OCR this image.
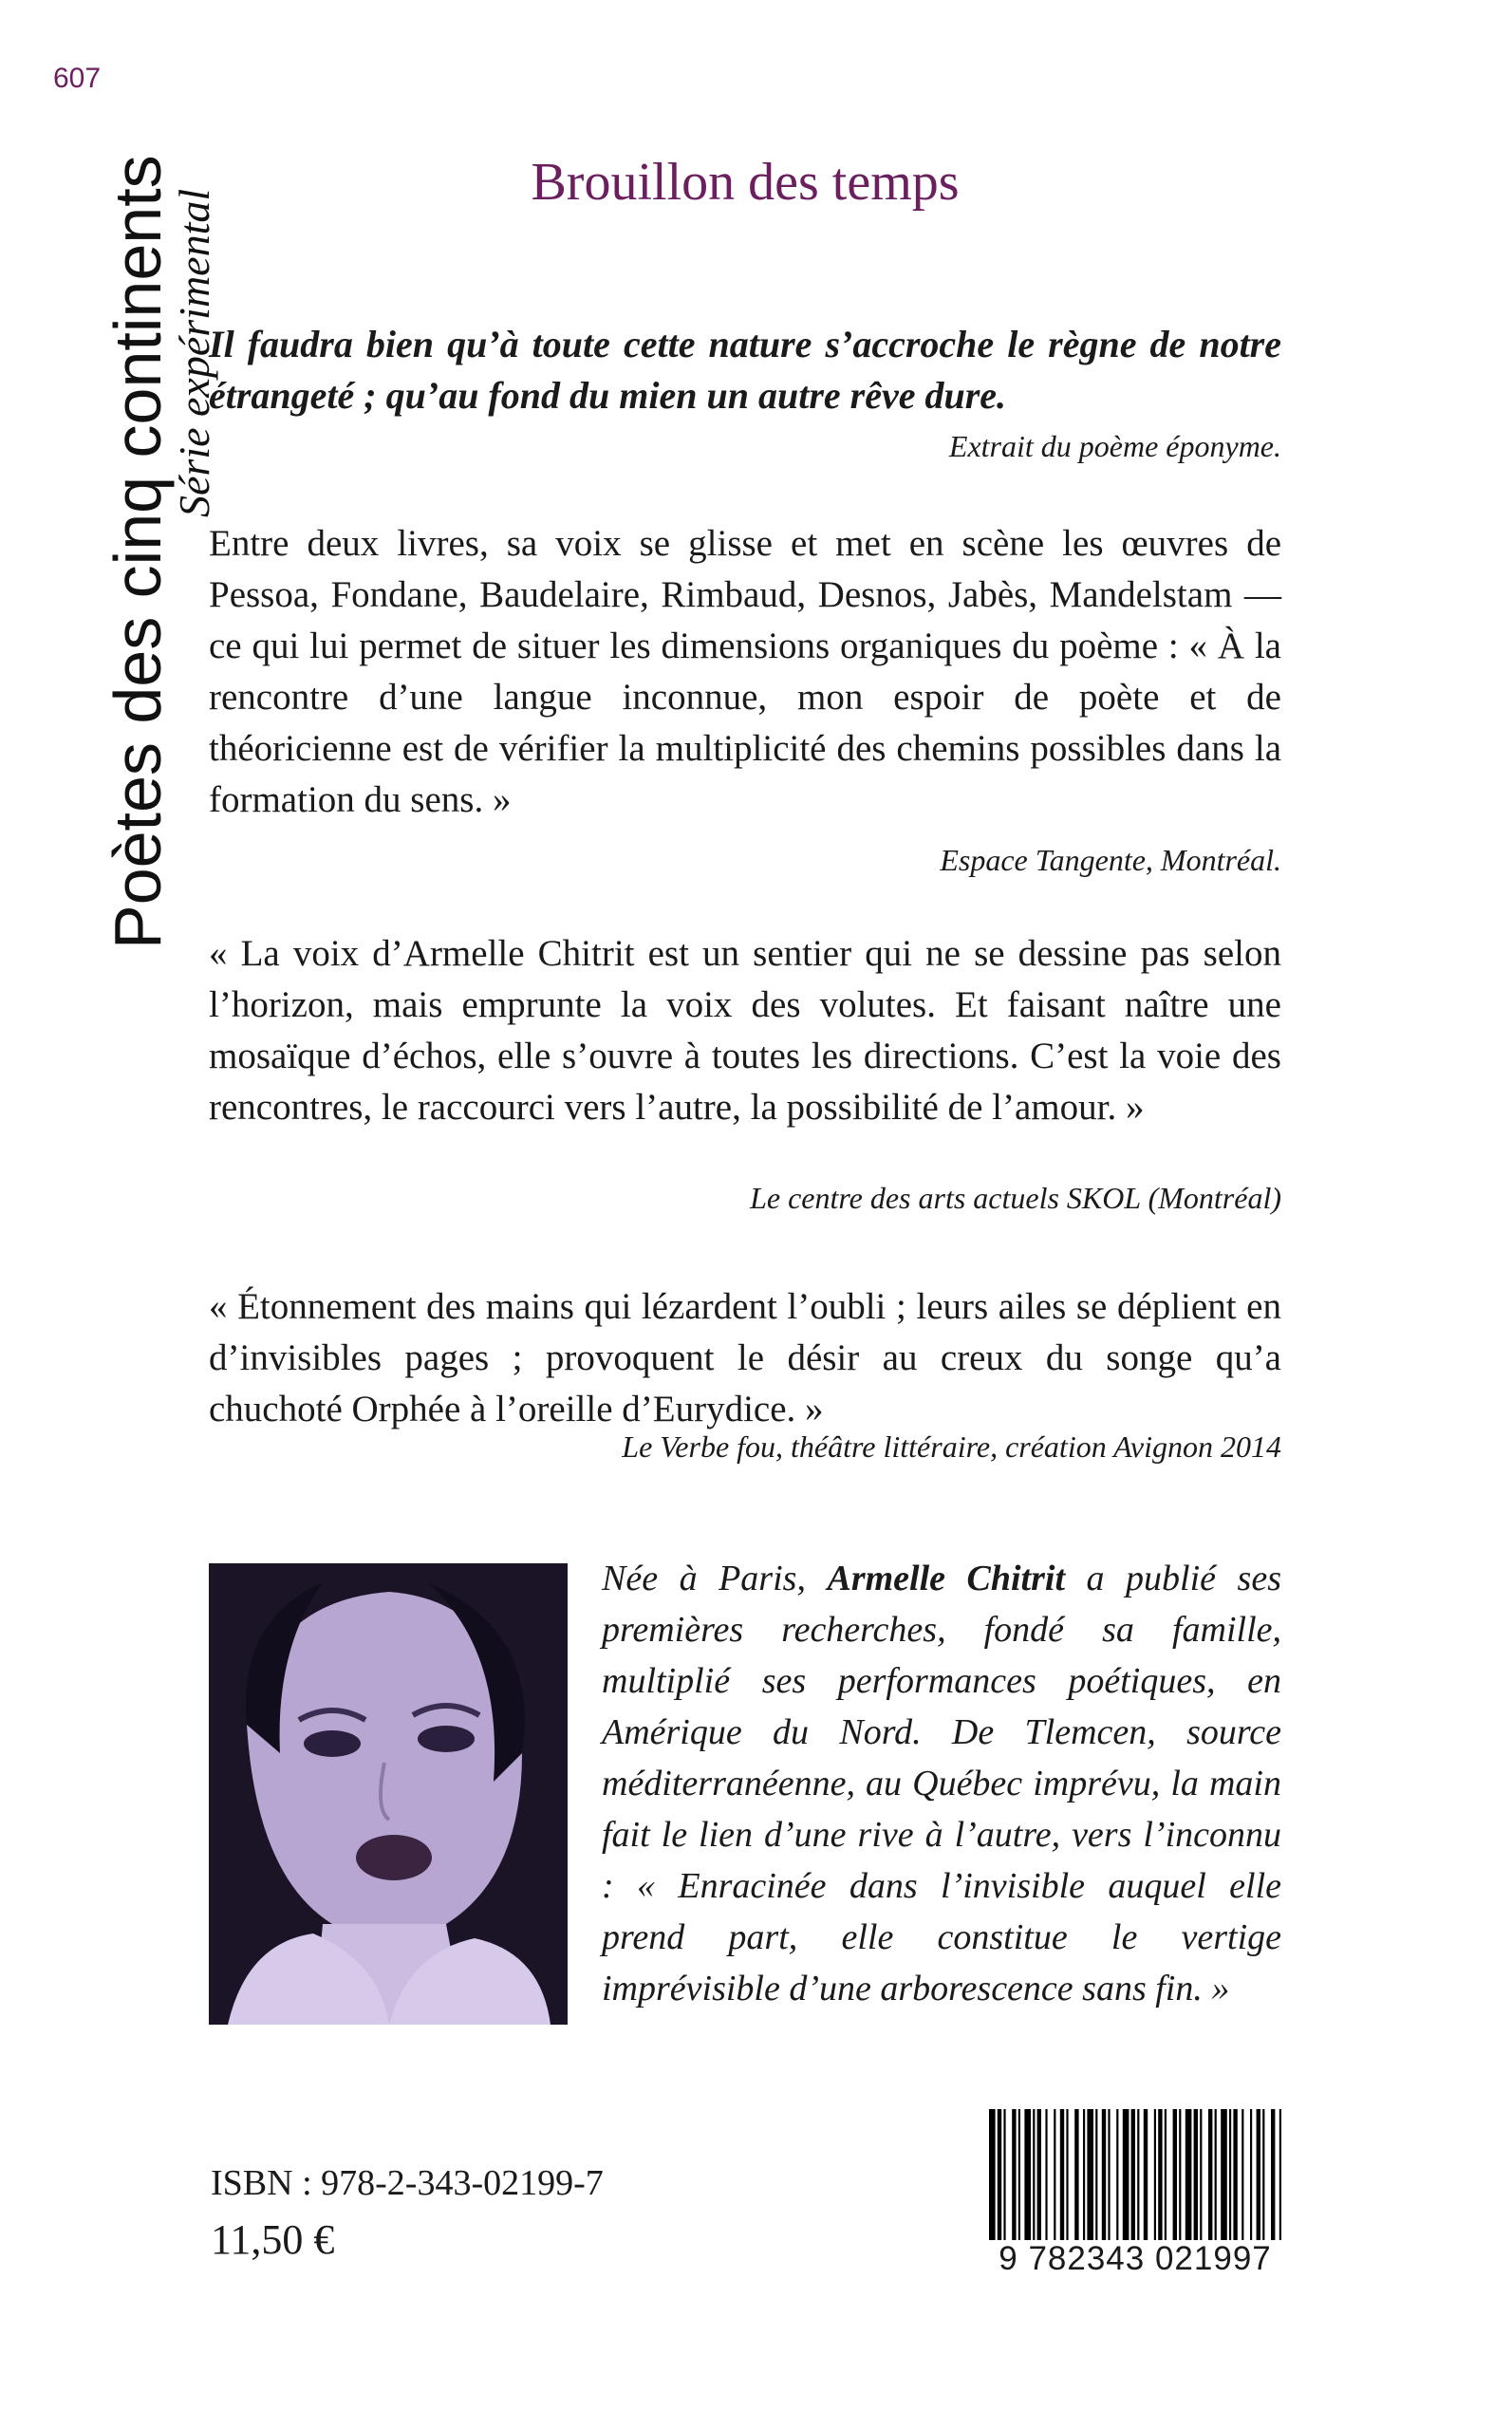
607
Poètes des cinq continents
Série expérimental
Brouillon des temps

Il faudra bien qu’à toute cette nature s’accroche le règne de notre étrangeté ; qu’au fond du mien un autre rêve dure.

Extrait du poème éponyme.

Entre deux livres, sa voix se glisse et met en scène les œuvres de Pessoa, Fondane, Baudelaire, Rimbaud, Desnos, Jabès, Mandelstam —ce qui lui permet de situer les dimensions organiques du poème : « À la rencontre d’une langue inconnue, mon espoir de poète et de théoricienne est de vérifier la multiplicité des chemins possibles dans la formation du sens. »

Espace Tangente, Montréal.

« La voix d’Armelle Chitrit est un sentier qui ne se dessine pas selon l’horizon, mais emprunte la voix des volutes. Et faisant naître une mosaïque d’échos, elle s’ouvre à toutes les directions. C’est la voie des rencontres, le raccourci vers l’autre, la possibilité de l’amour. »

Le centre des arts actuels SKOL (Montréal)

« Étonnement des mains qui lézardent l’oubli ; leurs ailes se déplient en d’invisibles pages ; provoquent le désir au creux du songe qu’a chuchoté Orphée à l’oreille d’Eurydice. »

Le Verbe fou, théâtre littéraire, création Avignon 2014
Née à Paris, Armelle Chitrit a publié ses premières recherches, fondé sa famille, multiplié ses performances poétiques, en Amérique du Nord. De Tlemcen, source méditerranéenne, au Québec imprévu, la main fait le lien d’une rive à l’autre, vers l’inconnu : « Enracinée dans l’invisible auquel elle prend part, elle constitue le vertige imprévisible d’une arborescence sans fin. »
ISBN : 978-2-343-02199-7
11,50 €	9 782343 021997
